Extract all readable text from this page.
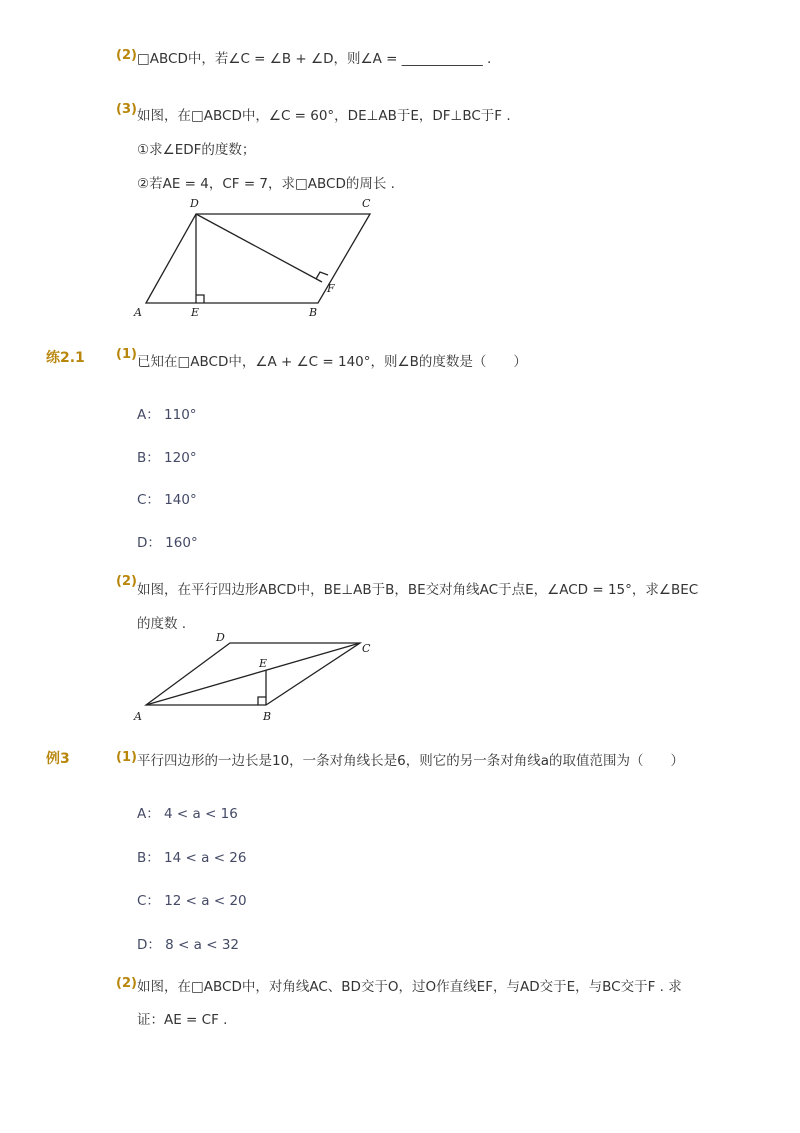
(2) □ABCD中，若∠C = ∠B + ∠D，则∠A = ____________ .
(3) 如图，在□ABCD中，∠C = 60°，DE⊥AB于E，DF⊥BC于F .
①求∠EDF的度数；
②若AE = 4，CF = 7，求□ABCD的周长 .
A	E	B
F
D	C
练2.1 (1) 已知在□ABCD中，∠A + ∠C = 140°，则∠B的度数是（　　）
A： 110°
B： 120°
C： 140°
D： 160°
(2)
如图，在平行四边形ABCD中，BE⊥AB于B，BE交对角线AC于点E，∠ACD = 15°，求∠BEC
的度数 .
A	B
C
D
E
例3	(1) 平行四边形的一边长是10，一条对角线长是6，则它的另一条对角线a的取值范围为（　　）
A： 4 < a < 16
B： 14 < a < 26
C： 12 < a < 20
D： 8 < a < 32
(2) 如图，在□ABCD中，对角线AC、BD交于O，过O作直线EF，与AD交于E，与BC交于F . 求
证：AE = CF .
